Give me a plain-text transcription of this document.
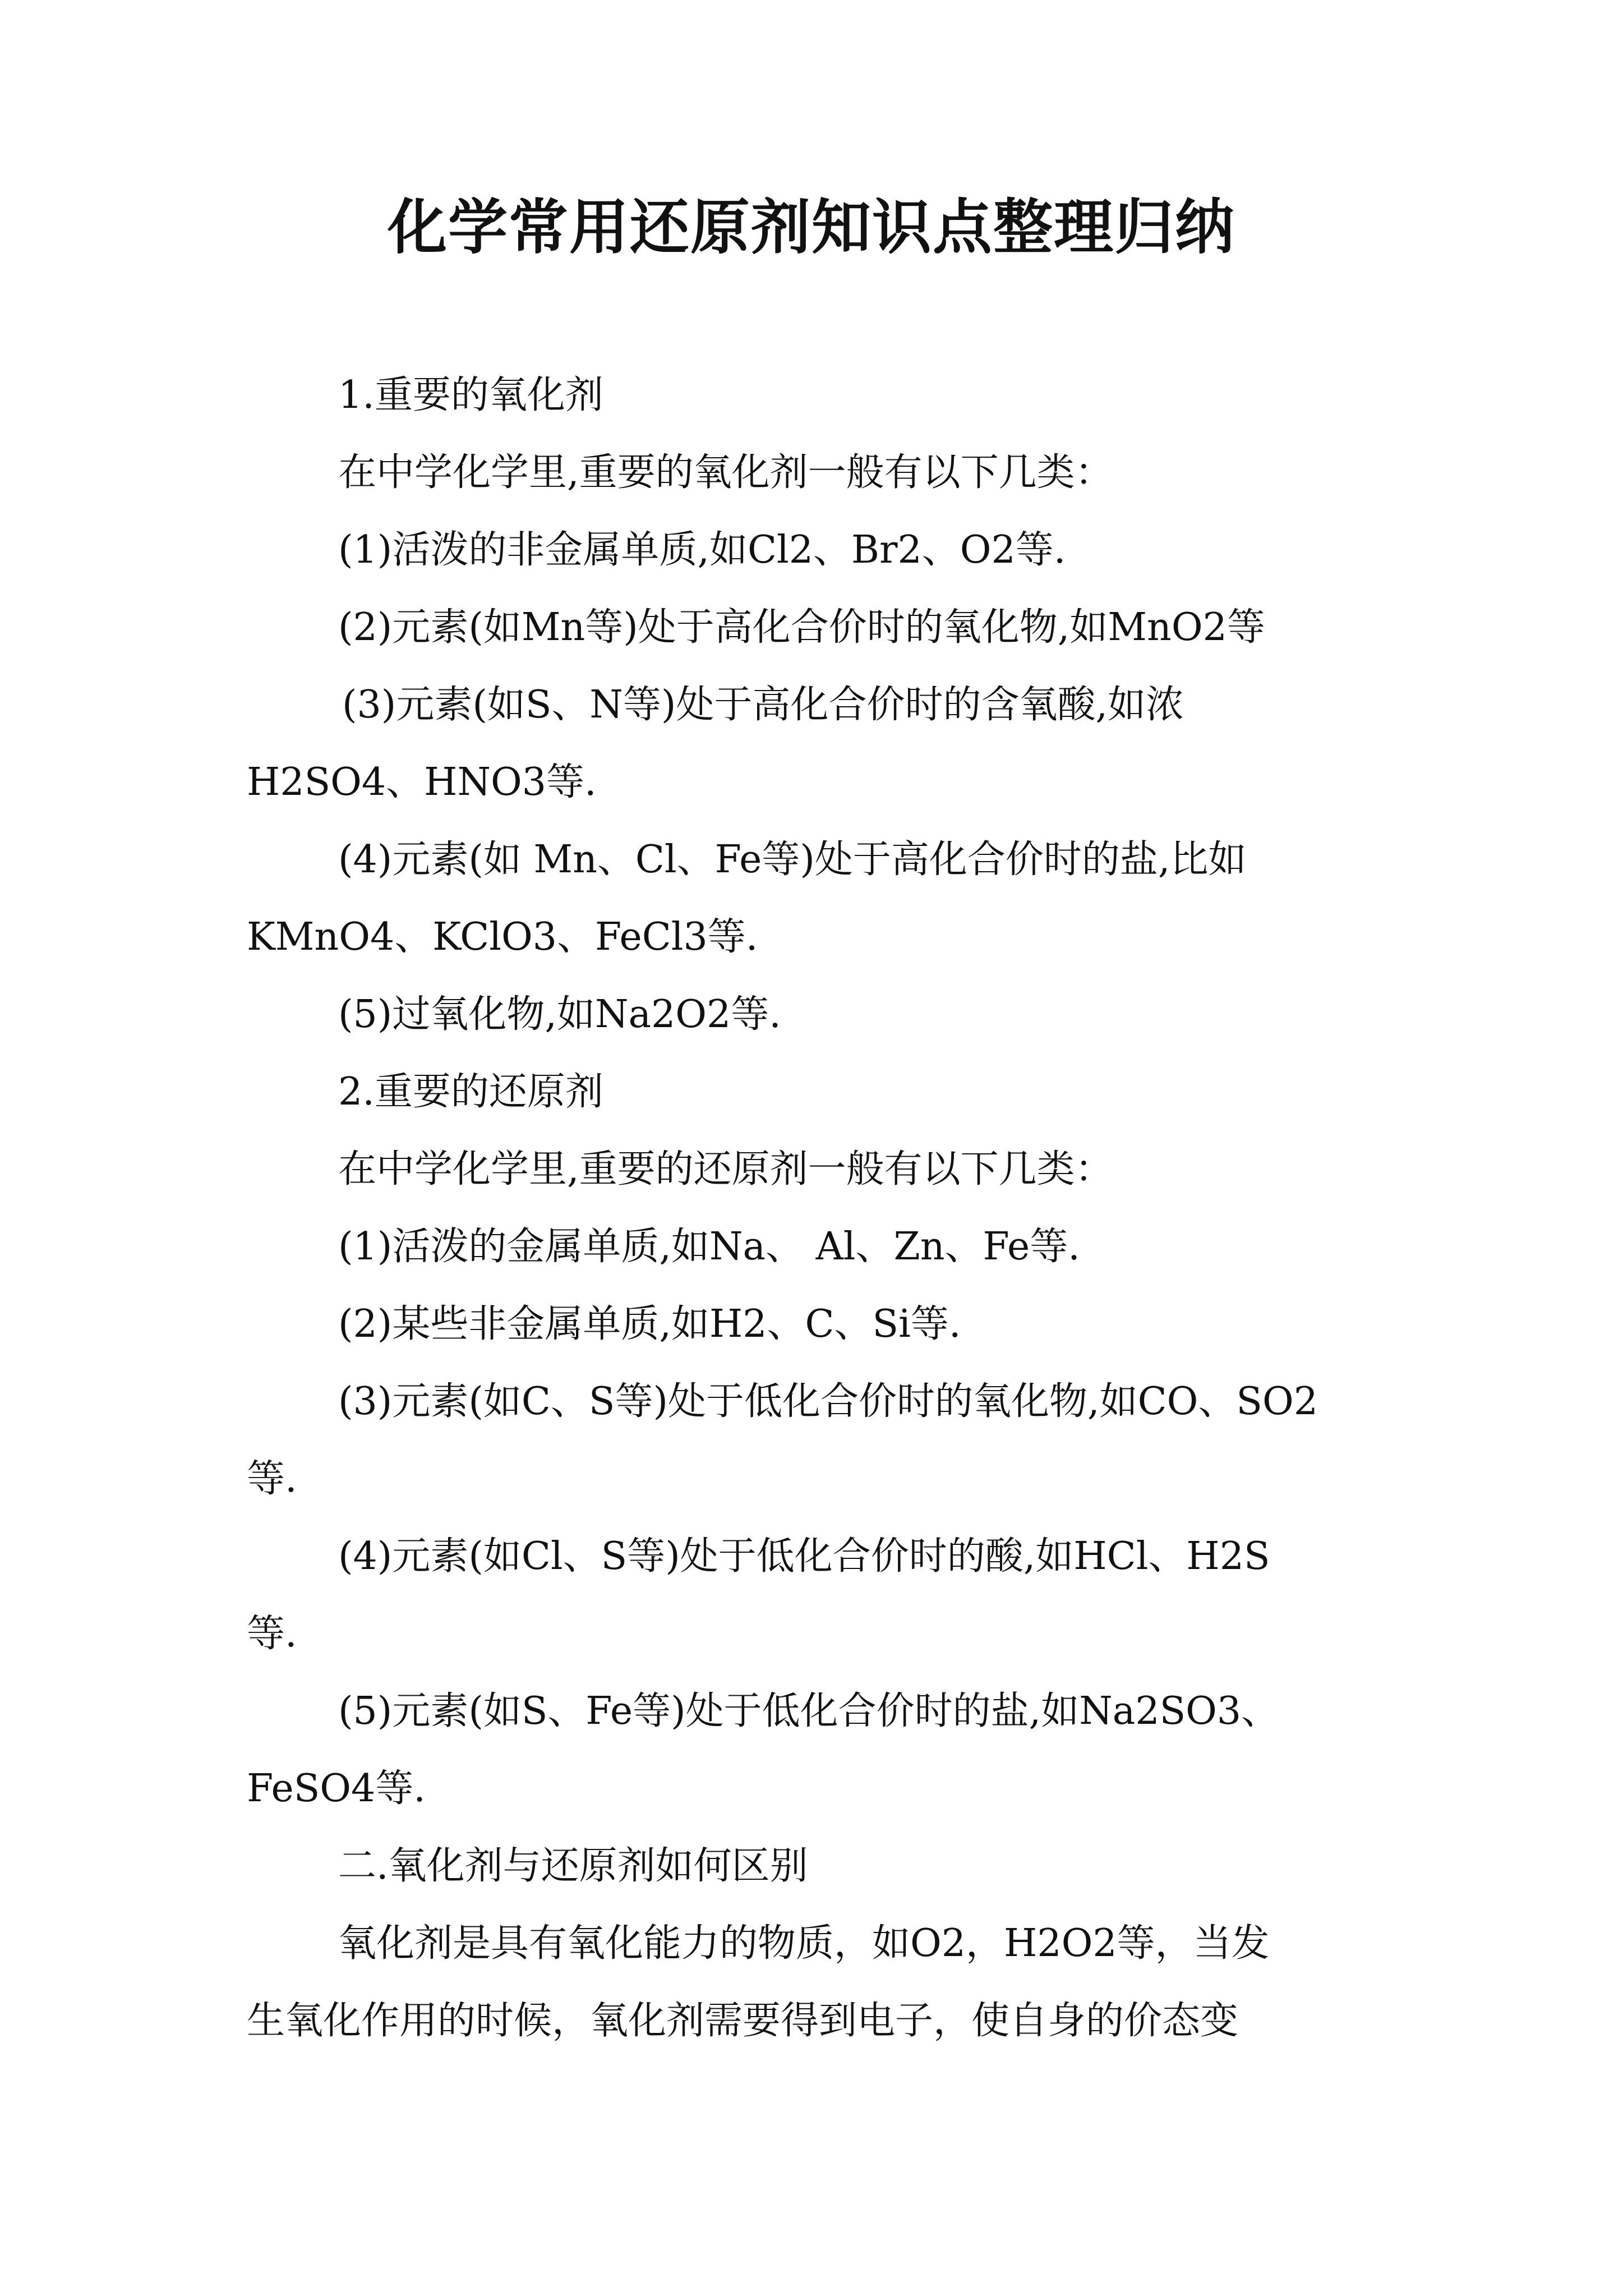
化学常用还原剂知识点整理归纳
1.重要的氧化剂
在中学化学里,重要的氧化剂一般有以下几类：
(1)活泼的非金属单质,如Cl2、Br2、O2等.
(2)元素(如Mn等)处于高化合价时的氧化物,如MnO2等
(3)元素(如S、N等)处于高化合价时的含氧酸,如浓
H2SO4、HNO3等.
(4)元素(如 Mn、Cl、Fe等)处于高化合价时的盐,比如
KMnO4、KClO3、FeCl3等.
(5)过氧化物,如Na2O2等.
2.重要的还原剂
在中学化学里,重要的还原剂一般有以下几类：
(1)活泼的金属单质,如Na、 Al、Zn、Fe等.
(2)某些非金属单质,如H2、C、Si等.
(3)元素(如C、S等)处于低化合价时的氧化物,如CO、SO2
等.
(4)元素(如Cl、S等)处于低化合价时的酸,如HCl、H2S
等.
(5)元素(如S、Fe等)处于低化合价时的盐,如Na2SO3、
FeSO4等.
二.氧化剂与还原剂如何区别
氧化剂是具有氧化能力的物质，如O2，H2O2等，当发
生氧化作用的时候，氧化剂需要得到电子，使自身的价态变
